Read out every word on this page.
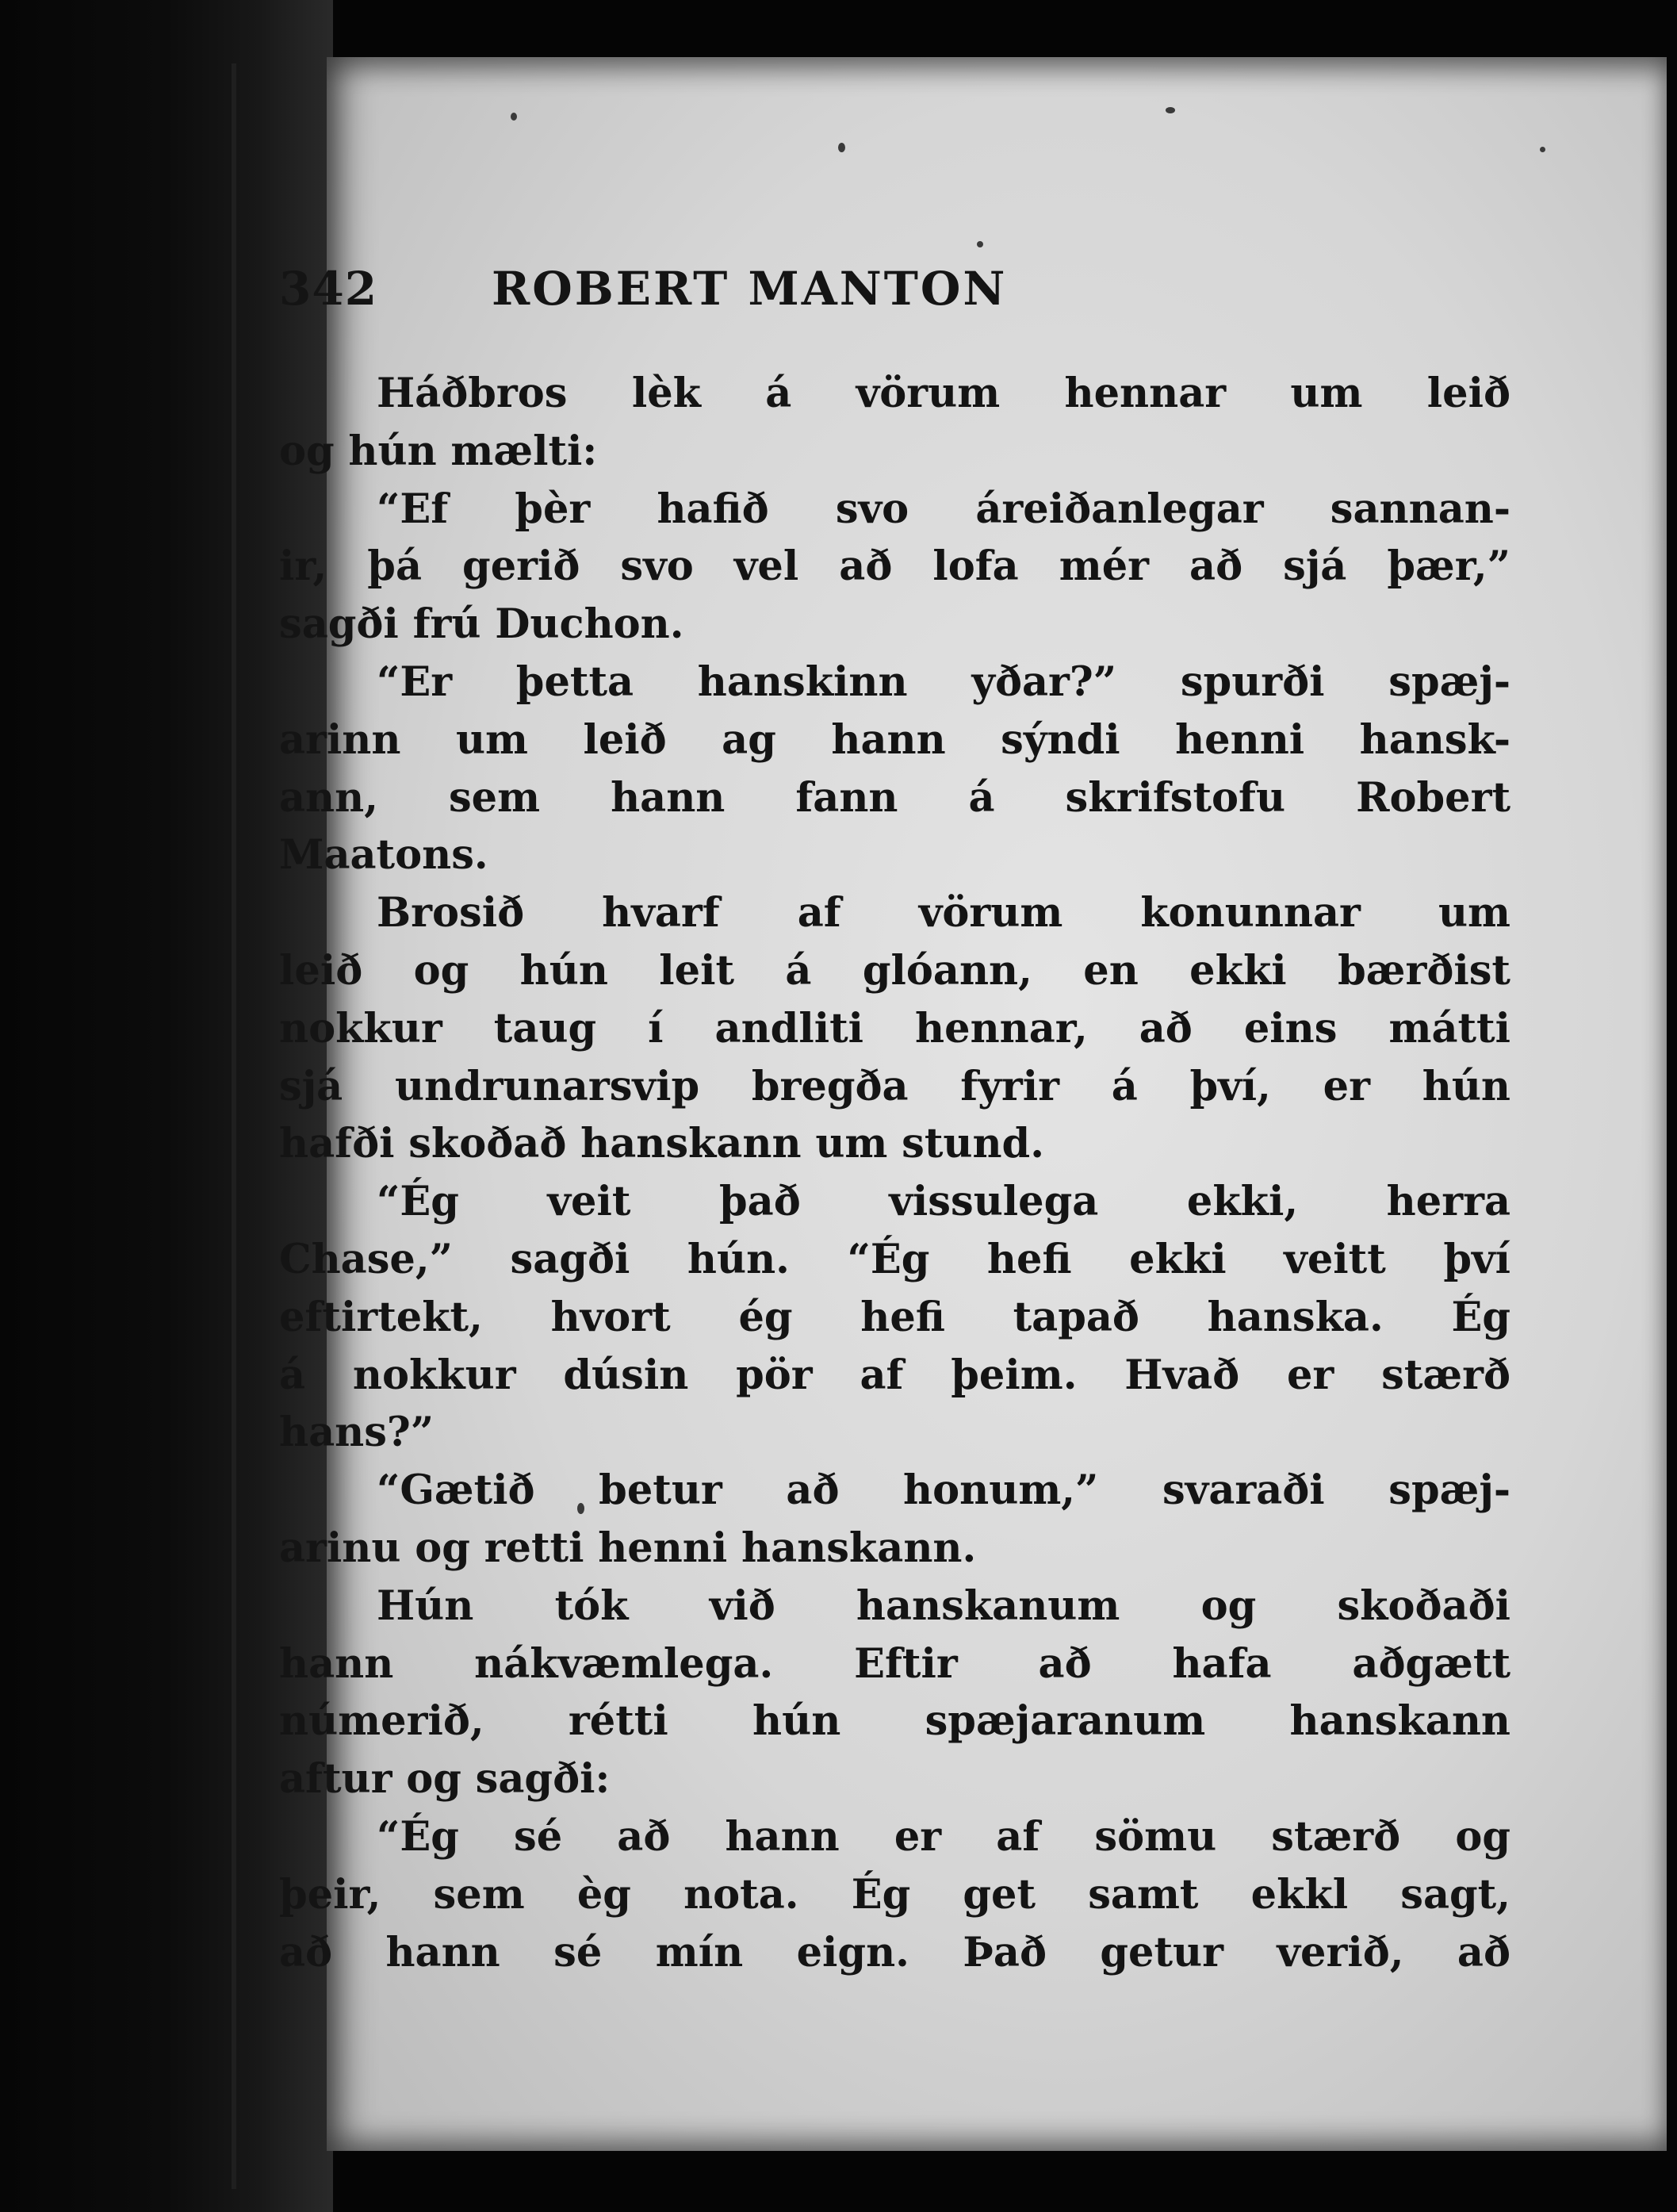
342 ROBERT MANTON
Háðbros lèk á vörum hennar um leið
og hún mælti:
“Ef þèr hafið svo áreiðanlegar sannan-
ir, þá gerið svo vel að lofa mér að sjá þær,”
sagði frú Duchon.
“Er þetta hanskinn yðar?” spurði spæj-
arinn um leið ag hann sýndi henni hansk-
ann, sem hann fann á skrifstofu Robert
Maatons.
Brosið hvarf af vörum konunnar um
leið og hún leit á glóann, en ekki bærðist
nokkur taug í andliti hennar, að eins mátti
sjá undrunarsvip bregða fyrir á því, er hún
hafði skoðað hanskann um stund.
“Ég veit það vissulega ekki, herra
Chase,” sagði hún. “Ég hefi ekki veitt því
eftirtekt, hvort ég hefi tapað hanska. Ég
á nokkur dúsin pör af þeim. Hvað er stærð
hans?”
“Gætið betur að honum,” svaraði spæj-
arinu og retti henni hanskann.
Hún tók við hanskanum og skoðaði
hann nákvæmlega. Eftir að hafa aðgætt
númerið, rétti hún spæjaranum hanskann
aftur og sagði:
“Ég sé að hann er af sömu stærð og
þeir, sem èg nota. Ég get samt ekkl sagt,
að hann sé mín eign. Það getur verið, að
